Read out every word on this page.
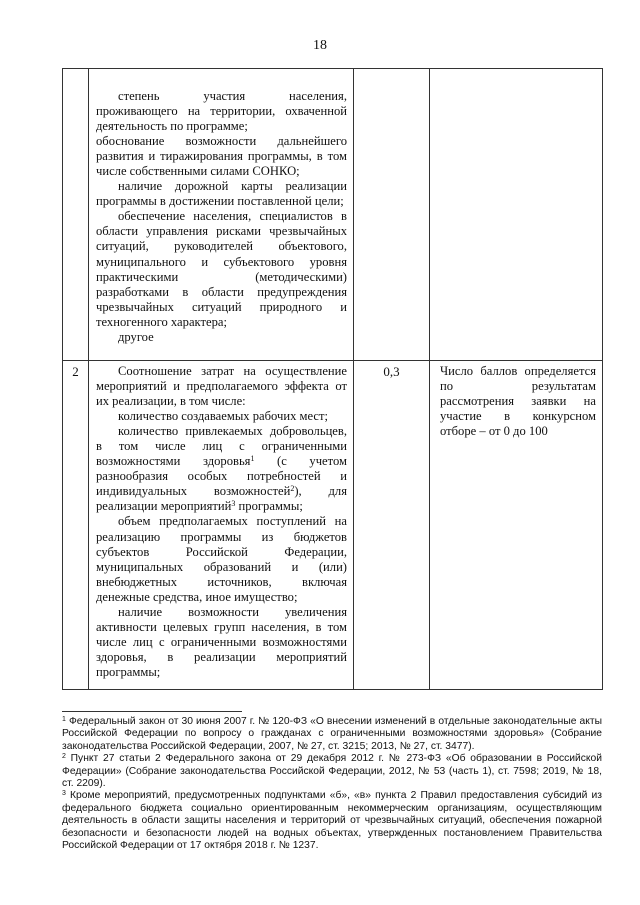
18

	степень участия населения, проживающего на территории, охваченной деятельность по программе;

обоснование возможности дальнейшего развития и тиражирования программы, в том числе собственными силами СОНКО;

наличие дорожной карты реализации программы в достижении поставленной цели;

обеспечение населения, специалистов в области управления рисками чрезвычайных ситуаций, руководителей объектового, муниципального и субъектового уровня практическими (методическими) разработками в области предупреждения чрезвычайных ситуаций природного и техногенного характера;

другое		

2	Соотношение затрат на осуществление мероприятий и предполагаемого эффекта от их реализации, в том числе:

количество создаваемых рабочих мест;

количество привлекаемых добровольцев, в том числе лиц с ограниченными возможностями здоровья$^1$ (с учетом разнообразия особых потребностей и индивидуальных возможностей$^2$), для реализации мероприятий$^3$ программы;

объем предполагаемых поступлений на реализацию программы из бюджетов субъектов Российской Федерации, муниципальных образований и (или) внебюджетных источников, включая денежные средства, иное имущество;

наличие возможности увеличения активности целевых групп населения, в том числе лиц с ограниченными возможностями здоровья, в реализации мероприятий программы;	0,3	Число баллов определяется по результатам рассмотрения заявки на участие в конкурсном отборе – от 0 до 100

$^1$ Федеральный закон от 30 июня 2007 г. № 120-ФЗ «О внесении изменений в отдельные законодательные акты Российской Федерации по вопросу о гражданах с ограниченными возможностями здоровья» (Собрание законодательства Российской Федерации, 2007, № 27, ст. 3215; 2013, № 27, ст. 3477).

$^2$ Пункт 27 статьи 2 Федерального закона от 29 декабря 2012 г. № 273-ФЗ «Об образовании в Российской Федерации» (Собрание законодательства Российской Федерации, 2012, № 53 (часть 1), ст. 7598; 2019, № 18, ст. 2209).

$^3$ Кроме мероприятий, предусмотренных подпунктами «б», «в» пункта 2 Правил предоставления субсидий из федерального бюджета социально ориентированным некоммерческим организациям, осуществляющим деятельность в области защиты населения и территорий от чрезвычайных ситуаций, обеспечения пожарной безопасности и безопасности людей на водных объектах, утвержденных постановлением Правительства Российской Федерации от 17 октября 2018 г. № 1237.
